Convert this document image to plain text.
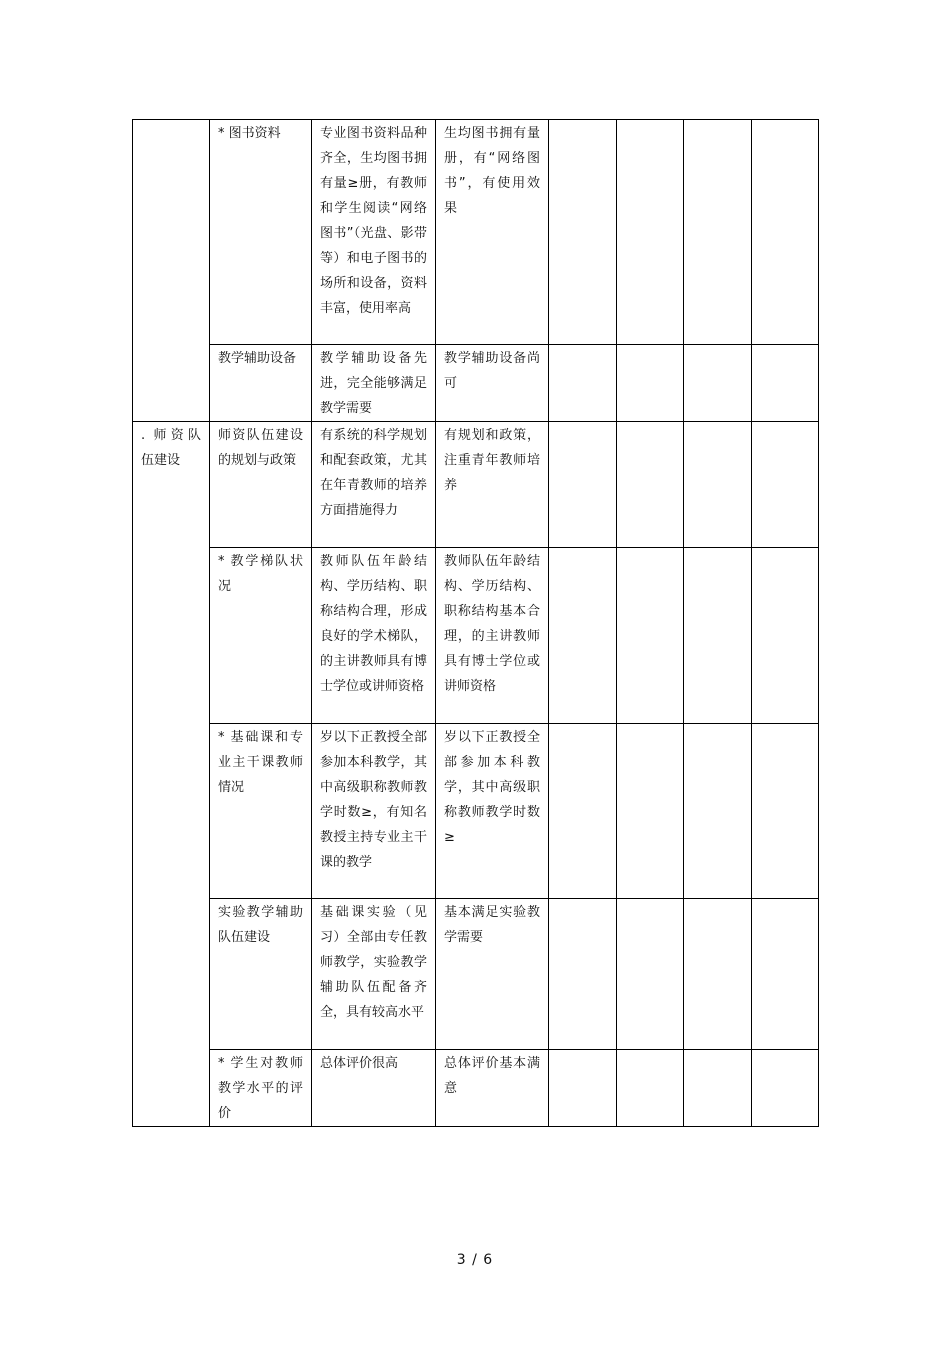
	* 图书资料	专业图书资料品种齐全，生均图书拥有量≥册，有教师和学生阅读“网络图书”（光盘、影带等）和电子图书的场所和设备，资料丰富，使用率高	生均图书拥有量册，有“网络图书”，有使用效果				

	教学辅助设备	教学辅助设备先进，完全能够满足教学需要	教学辅助设备尚可				

. 师资队伍建设	师资队伍建设的规划与政策	有系统的科学规划和配套政策，尤其在年青教师的培养方面措施得力	有规划和政策，注重青年教师培养				

	* 教学梯队状况	教师队伍年龄结构、学历结构、职称结构合理，形成良好的学术梯队，的主讲教师具有博士学位或讲师资格	教师队伍年龄结构、学历结构、职称结构基本合理，的主讲教师具有博士学位或讲师资格				

	* 基础课和专业主干课教师情况	岁以下正教授全部参加本科教学，其中高级职称教师教学时数≥，有知名教授主持专业主干课的教学	岁以下正教授全部参加本科教学，其中高级职称教师教学时数≥				

	实验教学辅助队伍建设	基础课实验（见习）全部由专任教师教学，实验教学辅助队伍配备齐全，具有较高水平	基本满足实验教学需要				

	* 学生对教师教学水平的评价	总体评价很高	总体评价基本满意				

3 / 6
